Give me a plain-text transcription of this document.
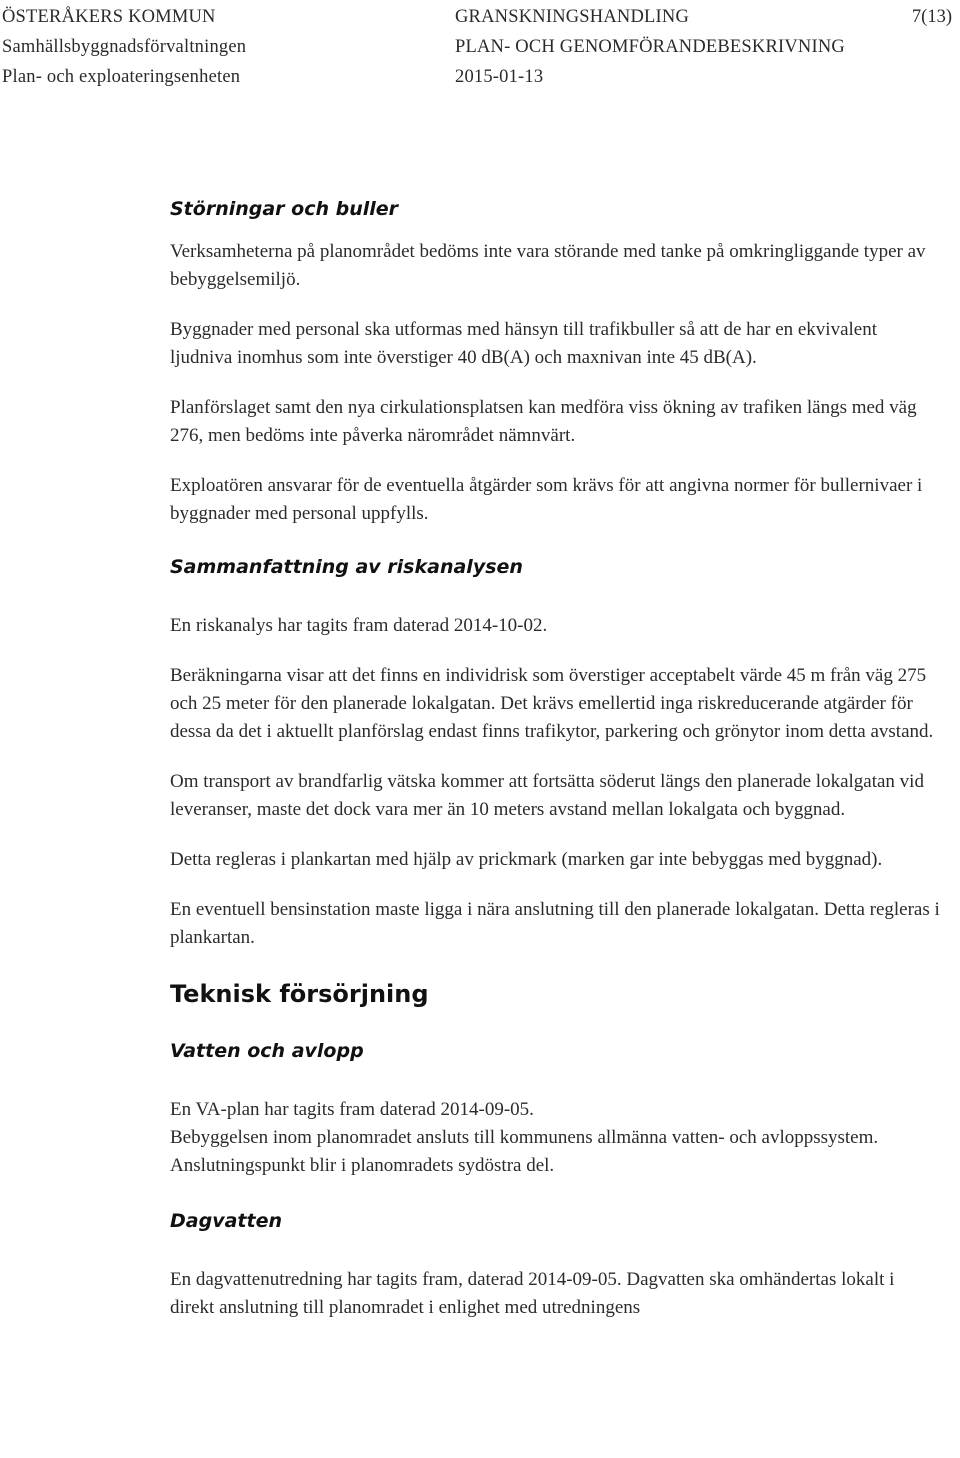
ÖSTERÅKERS KOMMUN
Samhällsbyggnadsförvaltningen
Plan- och exploateringsenheten
GRANSKNINGSHANDLING
PLAN- OCH GENOMFÖRANDEBESKRIVNING
2015-01-13
7(13)
Störningar och buller

Verksamheterna på planområdet bedöms inte vara störande med tanke på omkringliggande typer av bebyggelsemiljö.

Byggnader med personal ska utformas med hänsyn till trafikbuller så att de har en ekvivalent ljudniva inomhus som inte överstiger 40 dB(A) och maxnivan inte 45 dB(A).

Planförslaget samt den nya cirkulationsplatsen kan medföra viss ökning av trafiken längs med väg 276, men bedöms inte påverka närområdet nämnvärt.

Exploatören ansvarar för de eventuella åtgärder som krävs för att angivna normer för bullernivaer i byggnader med personal uppfylls.

Sammanfattning av riskanalysen

En riskanalys har tagits fram daterad 2014-10-02.

Beräkningarna visar att det finns en individrisk som överstiger acceptabelt värde 45 m från väg 275 och 25 meter för den planerade lokalgatan. Det krävs emellertid inga riskreducerande atgärder för dessa da det i aktuellt planförslag endast finns trafikytor, parkering och grönytor inom detta avstand.

Om transport av brandfarlig vätska kommer att fortsätta söderut längs den planerade lokalgatan vid leveranser, maste det dock vara mer än 10 meters avstand mellan lokalgata och byggnad.

Detta regleras i plankartan med hjälp av prickmark (marken gar inte bebyggas med byggnad).

En eventuell bensinstation maste ligga i nära anslutning till den planerade lokalgatan. Detta regleras i plankartan.

Teknisk försörjning
Vatten och avlopp

En VA-plan har tagits fram daterad 2014-09-05.

Bebyggelsen inom planomradet ansluts till kommunens allmänna vatten- och avloppssystem. Anslutningspunkt blir i planomradets sydöstra del.

Dagvatten

En dagvattenutredning har tagits fram, daterad 2014-09-05. Dagvatten ska omhändertas lokalt i direkt anslutning till planomradet i enlighet med utredningens
